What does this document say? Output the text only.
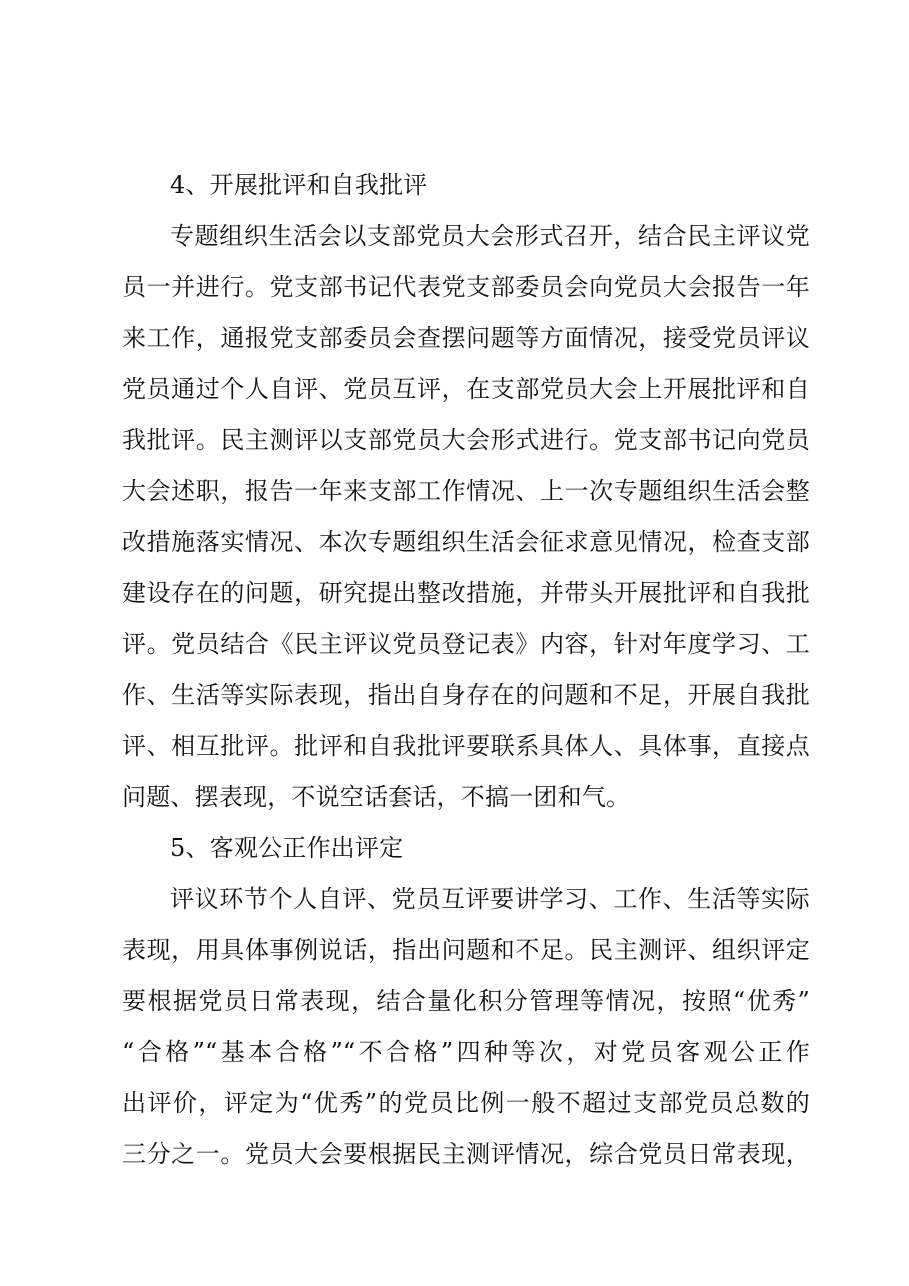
4、开展批评和自我批评
专题组织生活会以支部党员大会形式召开，结合民主评议党
员一并进行。党支部书记代表党支部委员会向党员大会报告一年
来工作，通报党支部委员会查摆问题等方面情况，接受党员评议
党员通过个人自评、党员互评，在支部党员大会上开展批评和自
我批评。民主测评以支部党员大会形式进行。党支部书记向党员
大会述职，报告一年来支部工作情况、上一次专题组织生活会整
改措施落实情况、本次专题组织生活会征求意见情况，检查支部
建设存在的问题，研究提出整改措施，并带头开展批评和自我批
评。党员结合《民主评议党员登记表》内容，针对年度学习、工
作、生活等实际表现，指出自身存在的问题和不足，开展自我批
评、相互批评。批评和自我批评要联系具体人、具体事，直接点
问题、摆表现，不说空话套话，不搞一团和气。
5、客观公正作出评定
评议环节个人自评、党员互评要讲学习、工作、生活等实际
表现，用具体事例说话，指出问题和不足。民主测评、组织评定
要根据党员日常表现，结合量化积分管理等情况，按照“优秀”
“合格”“基本合格”“不合格”四种等次，对党员客观公正作
出评价，评定为“优秀”的党员比例一般不超过支部党员总数的
三分之一。党员大会要根据民主测评情况，综合党员日常表现，
